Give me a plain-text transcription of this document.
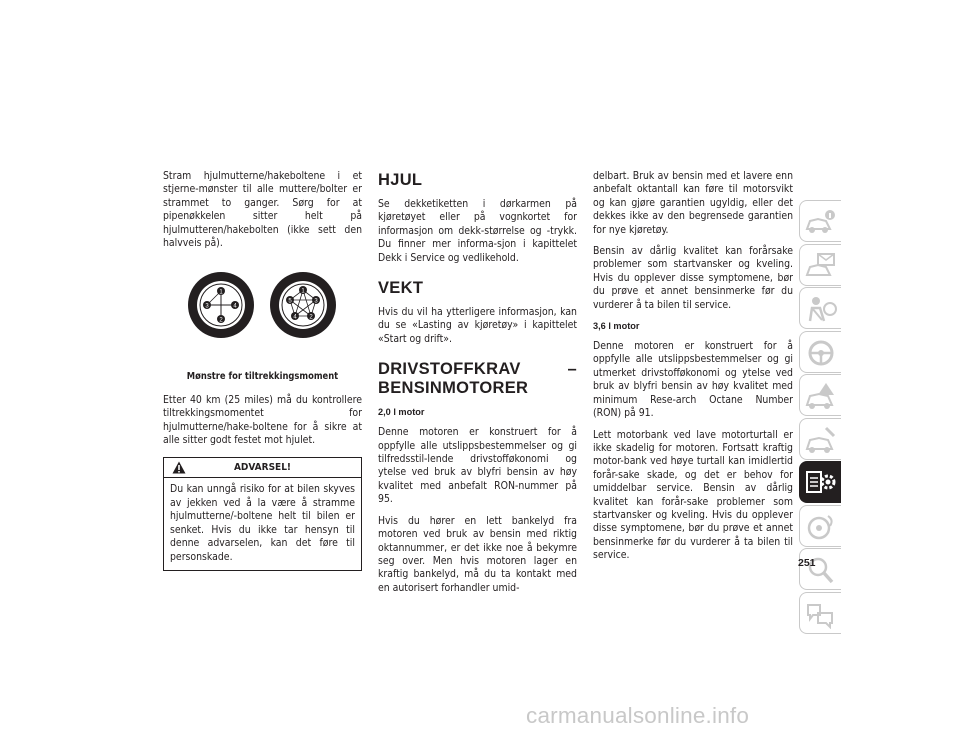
Stram hjulmutterne/hakeboltene i et stjerne-mønster til alle muttere/bolter er strammet to ganger. Sørg for at pipenøkkelen sitter helt på hjulmutteren/hakebolten (ikke sett den halvveis på).

1
3	4
2
1
5	3
4 2

Mønstre for tiltrekkingsmoment

Etter 40 km (25 miles) må du kontrollere tiltrekkingsmomentet for hjulmutterne/hake-boltene for å sikre at alle sitter godt festet mot hjulet.

ADVARSEL!
Du kan unngå risiko for at bilen skyves av jekken ved å la være å stramme hjulmutterne/-boltene helt til bilen er senket. Hvis du ikke tar hensyn til denne advarselen, kan det føre til personskade.
HJUL

Se dekketiketten i dørkarmen på kjøretøyet eller på vognkortet for informasjon om dekk-størrelse og -trykk. Du finner mer informa-sjon i kapittelet Dekk i Service og vedlikehold.

VEKT

Hvis du vil ha ytterligere informasjon, kan du se «Lasting av kjøretøy» i kapittelet «Start og drift».

DRIVSTOFFKRAV – BENSINMOTORER
2,0 l motor

Denne motoren er konstruert for å oppfylle alle utslippsbestemmelser og gi tilfredsstil-lende drivstofføkonomi og ytelse ved bruk av blyfri bensin av høy kvalitet med anbefalt RON-nummer på 95.

Hvis du hører en lett bankelyd fra motoren ved bruk av bensin med riktig oktannummer, er det ikke noe å bekymre seg over. Men hvis motoren lager en kraftig bankelyd, må du ta kontakt med en autorisert forhandler umid-

delbart. Bruk av bensin med et lavere enn anbefalt oktantall kan føre til motorsvikt og kan gjøre garantien ugyldig, eller det dekkes ikke av den begrensede garantien for nye kjøretøy.

Bensin av dårlig kvalitet kan forårsake problemer som startvansker og kveling. Hvis du opplever disse symptomene, bør du prøve et annet bensinmerke før du vurderer å ta bilen til service.

3,6 l motor

Denne motoren er konstruert for å oppfylle alle utslippsbestemmelser og gi utmerket drivstofføkonomi og ytelse ved bruk av blyfri bensin av høy kvalitet med minimum Rese-arch Octane Number (RON) på 91.

Lett motorbank ved lave motorturtall er ikke skadelig for motoren. Fortsatt kraftig motor-bank ved høye turtall kan imidlertid forår-sake skade, og det er behov for umiddelbar service. Bensin av dårlig kvalitet kan forår-sake problemer som startvansker og kveling. Hvis du opplever disse symptomene, bør du prøve et annet bensinmerke før du vurderer å ta bilen til service.

251
carmanualsonline.info
